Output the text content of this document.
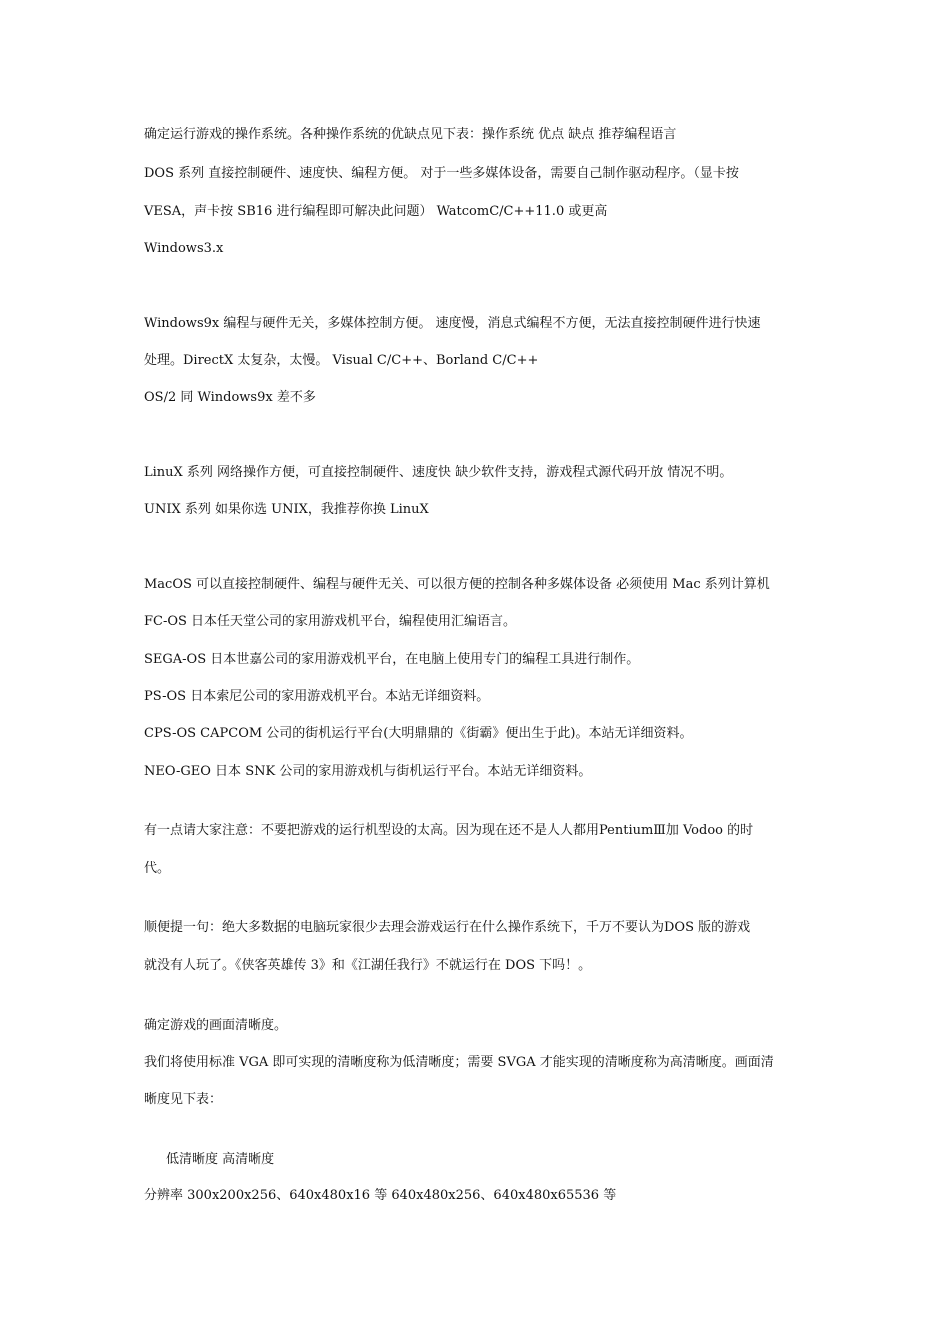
确定运行游戏的操作系统。各种操作系统的优缺点见下表：操作系统 优点 缺点 推荐编程语言
DOS 系列 直接控制硬件、速度快、编程方便。 对于一些多媒体设备，需要自己制作驱动程序。（显卡按
VESA，声卡按 SB16 进行编程即可解决此问题） WatcomC/C++11.0 或更高
Windows3.x
Windows9x 编程与硬件无关，多媒体控制方便。 速度慢，消息式编程不方便，无法直接控制硬件进行快速
处理。DirectX 太复杂，太慢。 Visual C/C++、Borland C/C++
OS/2 同 Windows9x 差不多
LinuX 系列 网络操作方便，可直接控制硬件、速度快 缺少软件支持，游戏程式源代码开放 情况不明。
UNIX 系列 如果你选 UNIX，我推荐你换 LinuX
MacOS 可以直接控制硬件、编程与硬件无关、可以很方便的控制各种多媒体设备 必须使用 Mac 系列计算机
FC-OS 日本任天堂公司的家用游戏机平台，编程使用汇编语言。
SEGA-OS 日本世嘉公司的家用游戏机平台，在电脑上使用专门的编程工具进行制作。
PS-OS 日本索尼公司的家用游戏机平台。本站无详细资料。
CPS-OS CAPCOM 公司的街机运行平台(大明鼎鼎的《街霸》便出生于此)。本站无详细资料。
NEO-GEO 日本 SNK 公司的家用游戏机与街机运行平台。本站无详细资料。
有一点请大家注意：不要把游戏的运行机型设的太高。因为现在还不是人人都用PentiumⅢ加 Vodoo 的时
代。
顺便提一句：绝大多数据的电脑玩家很少去理会游戏运行在什么操作系统下，千万不要认为DOS 版的游戏
就没有人玩了。《侠客英雄传 3》和《江湖任我行》不就运行在 DOS 下吗！。
确定游戏的画面清晰度。
我们将使用标准 VGA 即可实现的清晰度称为低清晰度；需要 SVGA 才能实现的清晰度称为高清晰度。画面清
晰度见下表：
低清晰度 高清晰度
分辨率 300x200x256、640x480x16 等 640x480x256、640x480x65536 等
